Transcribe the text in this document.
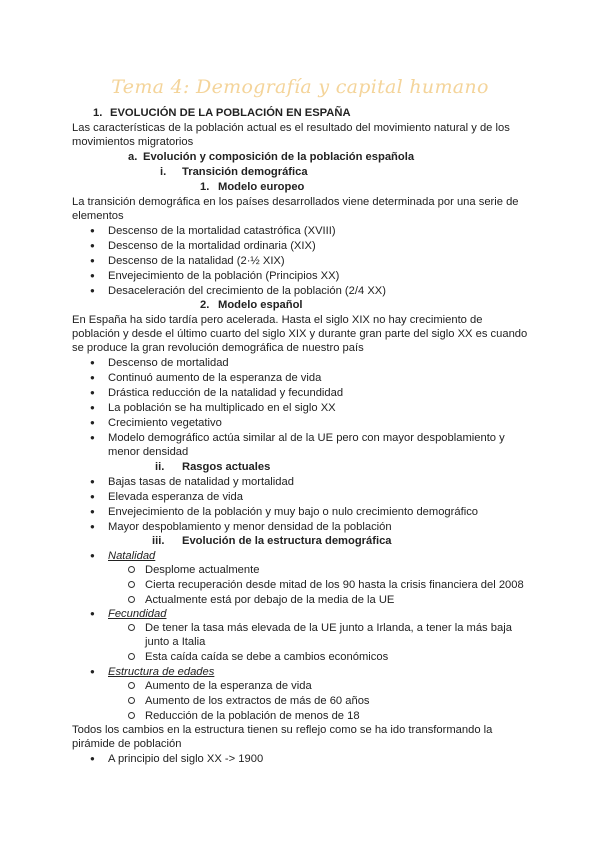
Tema 4: Demografía y capital humano
1. EVOLUCIÓN DE LA POBLACIÓN EN ESPAÑA
Las características de la población actual es el resultado del movimiento natural y de los
movimientos migratorios
a. Evolución y composición de la población española
i. Transición demográfica
1. Modelo europeo
La transición demográfica en los países desarrollados viene determinada por una serie de
elementos
● Descenso de la mortalidad catastrófica (XVIII)
● Descenso de la mortalidad ordinaria (XIX)
● Descenso de la natalidad (2·½ XIX)
● Envejecimiento de la población (Principios XX)
● Desaceleración del crecimiento de la población (2/4 XX)
2. Modelo español
En España ha sido tardía pero acelerada. Hasta el siglo XIX no hay crecimiento de
población y desde el último cuarto del siglo XIX y durante gran parte del siglo XX es cuando
se produce la gran revolución demográfica de nuestro país
● Descenso de mortalidad
● Continuó aumento de la esperanza de vida
● Drástica reducción de la natalidad y fecundidad
● La población se ha multiplicado en el siglo XX
● Crecimiento vegetativo
● Modelo demográfico actúa similar al de la UE pero con mayor despoblamiento y
menor densidad
ii. Rasgos actuales
● Bajas tasas de natalidad y mortalidad
● Elevada esperanza de vida
● Envejecimiento de la población y muy bajo o nulo crecimiento demográfico
● Mayor despoblamiento y menor densidad de la población
iii. Evolución de la estructura demográfica
● Natalidad
Desplome actualmente
Cierta recuperación desde mitad de los 90 hasta la crisis financiera del 2008
Actualmente está por debajo de la media de la UE
● Fecundidad
De tener la tasa más elevada de la UE junto a Irlanda, a tener la más baja
junto a Italia
Esta caída caída se debe a cambios económicos
● Estructura de edades
Aumento de la esperanza de vida
Aumento de los extractos de más de 60 años
Reducción de la población de menos de 18
Todos los cambios en la estructura tienen su reflejo como se ha ido transformando la
pirámide de población
● A principio del siglo XX -> 1900
